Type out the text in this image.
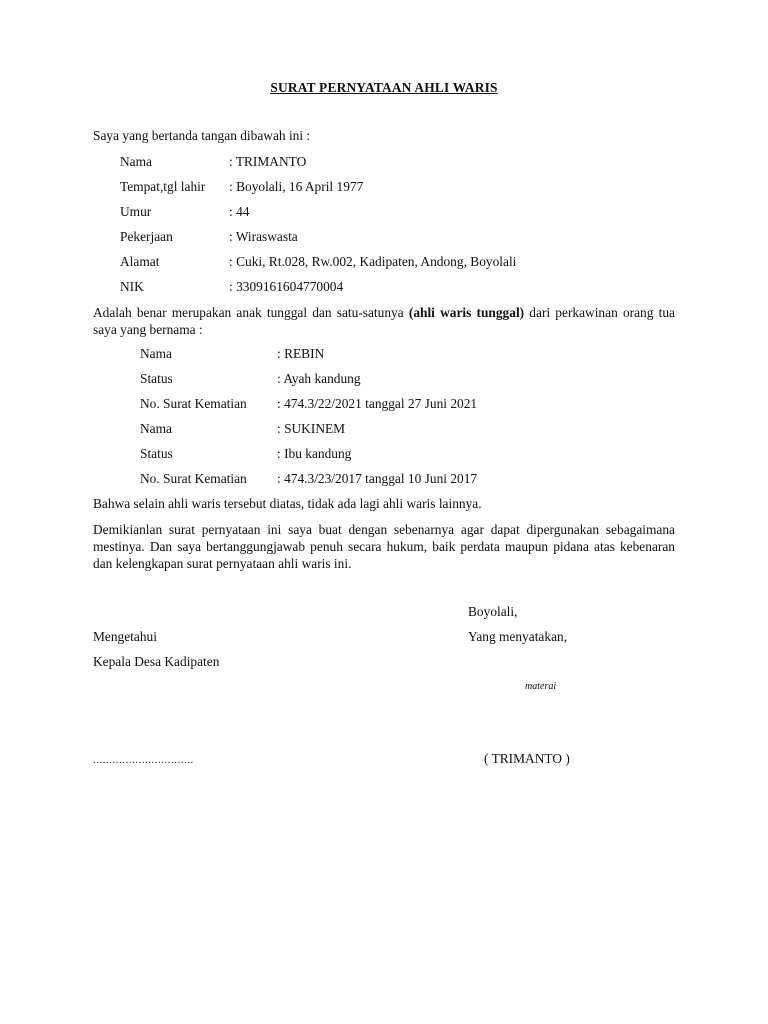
SURAT PERNYATAAN AHLI WARIS
Saya yang bertanda tangan dibawah ini :
Nama	: TRIMANTO
Tempat,tgl lahir : Boyolali, 16 April 1977
Umur	: 44
Pekerjaan	: Wiraswasta
Alamat	: Cuki, Rt.028, Rw.002, Kadipaten, Andong, Boyolali
NIK	: 3309161604770004
Adalah benar merupakan anak tunggal dan satu-satunya (ahli waris tunggal) dari perkawinan orang tua saya yang bernama :
Nama	: REBIN
Status	: Ayah kandung
No. Surat Kematian : 474.3/22/2021 tanggal 27 Juni 2021
Nama	: SUKINEM
Status	: Ibu kandung
No. Surat Kematian : 474.3/23/2017 tanggal 10 Juni 2017
Bahwa selain ahli waris tersebut diatas, tidak ada lagi ahli waris lainnya.
Demikianlan surat pernyataan ini saya buat dengan sebenarnya agar dapat dipergunakan sebagaimana mestinya. Dan saya bertanggungjawab penuh secara hukum, baik perdata maupun pidana atas kebenaran dan kelengkapan surat pernyataan ahli waris ini.
Boyolali,
Mengetahui	Yang menyatakan,
Kepala Desa Kadipaten
materai
...............................	( TRIMANTO )
